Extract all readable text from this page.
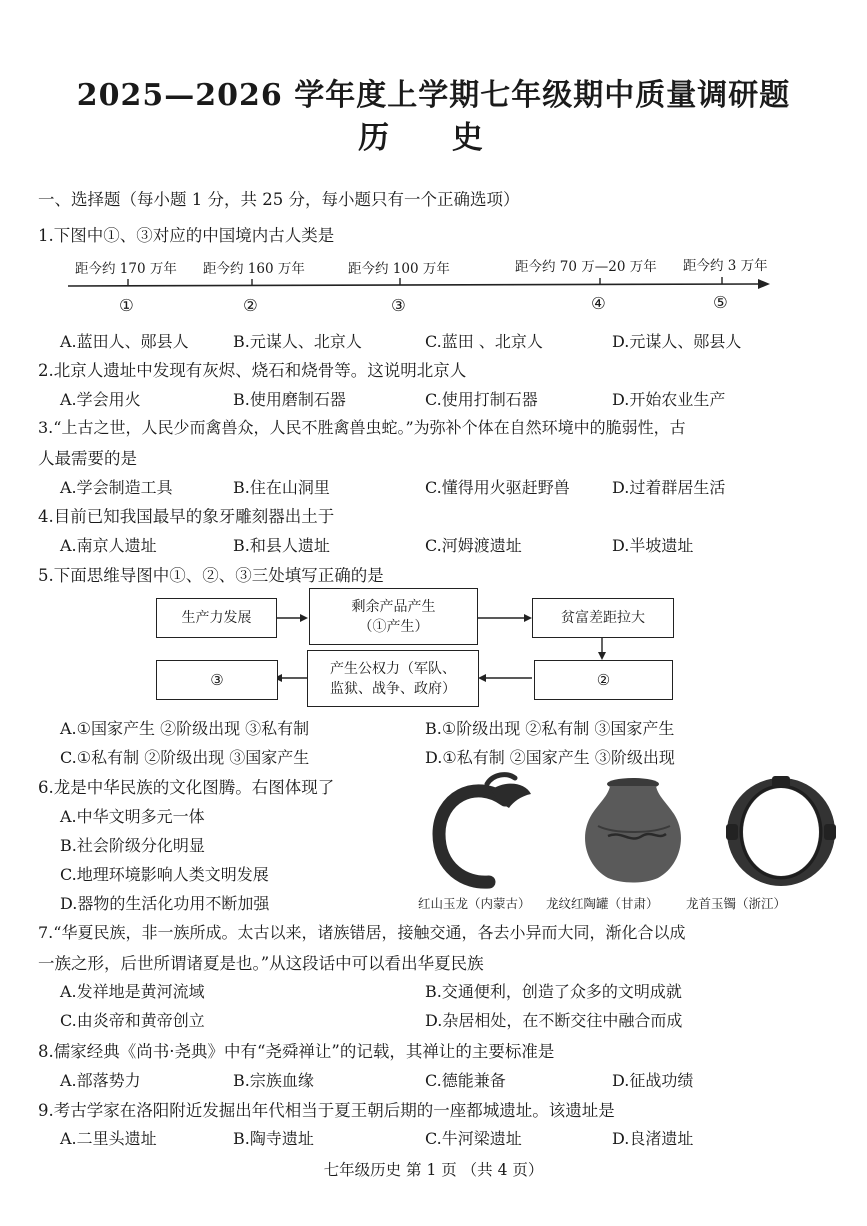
2025—2026 学年度上学期七年级期中质量调研题
历 史
一、选择题（每小题 1 分，共 25 分，每小题只有一个正确选项）
1.下图中①、③对应的中国境内古人类是
距今约 170 万年 距今约 160 万年	距今约 100 万年	距今约 70 万—20 万年 距今约 3 万年
①	②	③	④	⑤
A.蓝田人、郧县人	B.元谋人、北京人	C.蓝田 、北京人	D.元谋人、郧县人
2.北京人遗址中发现有灰烬、烧石和烧骨等。这说明北京人
A.学会用火	B.使用磨制石器	C.使用打制石器	D.开始农业生产
3.“上古之世，人民少而禽兽众，人民不胜禽兽虫蛇。”为弥补个体在自然环境中的脆弱性，古
人最需要的是
A.学会制造工具	B.住在山洞里	C.懂得用火驱赶野兽	D.过着群居生活
4.目前已知我国最早的象牙雕刻器出土于
A.南京人遗址	B.和县人遗址	C.河姆渡遗址	D.半坡遗址
5.下面思维导图中①、②、③三处填写正确的是
生产力发展
剩余产品产生
（①产生）
贫富差距拉大
②
产生公权力（军队、
监狱、战争、政府）
③
A.①国家产生 ②阶级出现 ③私有制	B.①阶级出现 ②私有制 ③国家产生
C.①私有制 ②阶级出现 ③国家产生	D.①私有制 ②国家产生 ③阶级出现
6.龙是中华民族的文化图腾。右图体现了
A.中华文明多元一体
B.社会阶级分化明显
C.地理环境影响人类文明发展
D.器物的生活化功用不断加强	红山玉龙（内蒙古） 龙纹红陶罐（甘肃） 龙首玉镯（浙江）
7.“华夏民族，非一族所成。太古以来，诸族错居，接触交通，各去小异而大同，渐化合以成
一族之形，后世所谓诸夏是也。”从这段话中可以看出华夏民族
A.发祥地是黄河流域	B.交通便利，创造了众多的文明成就
C.由炎帝和黄帝创立	D.杂居相处，在不断交往中融合而成
8.儒家经典《尚书·尧典》中有“尧舜禅让”的记载，其禅让的主要标准是
A.部落势力	B.宗族血缘	C.德能兼备	D.征战功绩
9.考古学家在洛阳附近发掘出年代相当于夏王朝后期的一座都城遗址。该遗址是
A.二里头遗址	B.陶寺遗址	C.牛河梁遗址	D.良渚遗址
七年级历史 第 1 页 （共 4 页）
